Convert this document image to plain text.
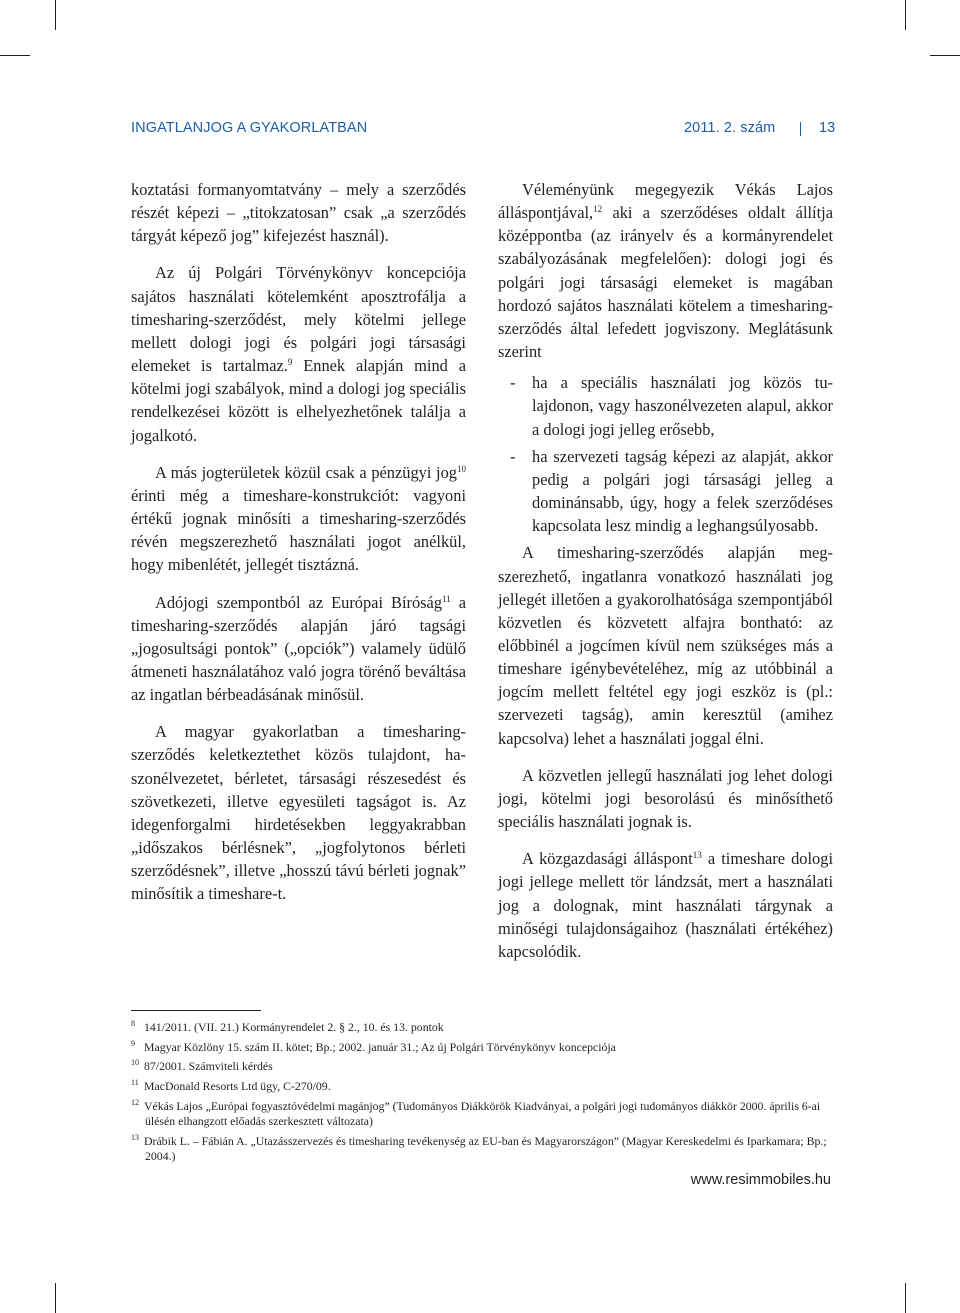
INGATLANJOG A GYAKORLATBAN	2011. 2. szám	13

koztatási formanyomtatvány – mely a szerződés részét képezi – „titokzatosan” csak „a szerződés tárgyát képező jog” kifejezést használ).

Az új Polgári Törvénykönyv koncepciója sajátos használati kötelemként aposztrofálja a timesharing-szerződést, mely kötelmi jellege mellett dologi jogi és polgári jogi társasági elemeket is tartalmaz.$^9$ Ennek alapján mind a kötelmi jogi szabályok, mind a dologi jog speciális rendelkezései között is elhelyezhetőnek találja a jogalkotó.

A más jogterületek közül csak a pénzügyi jog$^{10}$ érinti még a timeshare-konstrukciót: vagyoni értékű jognak minősíti a timesharing-szerződés révén megszerezhető használati jogot anélkül, hogy mibenlétét, jellegét tisztázná.

Adójogi szempontból az Európai Bíróság$^{11}$ a timesharing-szerződés alapján járó tagsági „jogosultsági pontok” („opciók”) valamely üdülő átmeneti használatához való jogra törénő beváltása az ingatlan bérbeadásának minősül.

A magyar gyakorlatban a timesharing-szerződés keletkeztethet közös tulajdont, haszonélvezetet, bérletet, társasági részesedést és szövetkezeti, illetve egyesületi tagságot is. Az idegenforgalmi hirdetésekben leggyakrabban „időszakos bérlésnek”, „jogfolytonos bérleti szerződésnek”, illetve „hosszú távú bérleti jognak” minősítik a timeshare-t.

Véleményünk megegyezik Vékás Lajos álláspontjával,$^{12}$ aki a szerződéses oldalt állítja középpontba (az irányelv és a kormányrendelet szabályozásának megfelelően): dologi jogi és polgári jogi társasági elemeket is magában hordozó sajátos használati kötelem a timesharing-szerződés által lefedett jogviszony. Meglátásunk szerint

- ha a speciális használati jog közös tulajdonon, vagy haszonélvezeten alapul, akkor a dologi jogi jelleg erősebb,
- ha szervezeti tagság képezi az alapját, akkor pedig a polgári jogi társasági jelleg a dominánsabb, úgy, hogy a felek szerződéses kapcsolata lesz mindig a leghangsúlyosabb.

A timesharing-szerződés alapján megszerezhető, ingatlanra vonatkozó használati jog jellegét illetően a gyakorolhatósága szempontjából közvetlen és közvetett alfajra bontható: az előbbinél a jogcímen kívül nem szükséges más a timeshare igénybevételéhez, míg az utóbbinál a jogcím mellett feltétel egy jogi eszköz is (pl.: szervezeti tagság), amin keresztül (amihez kapcsolva) lehet a használati joggal élni.

A közvetlen jellegű használati jog lehet dologi jogi, kötelmi jogi besorolású és minősíthető speciális használati jognak is.

A közgazdasági álláspont$^{13}$ a timeshare dologi jogi jellege mellett tör lándzsát, mert a használati jog a dolognak, mint használati tárgynak a minőségi tulajdonságaihoz (használati értékéhez) kapcsolódik.

$^8$ 141/2011. (VII. 21.) Kormányrendelet 2. § 2., 10. és 13. pontok
$^9$ Magyar Közlöny 15. szám II. kötet; Bp.; 2002. január 31.; Az új Polgári Törvénykönyv koncepciója
$^{10}$ 87/2001. Számviteli kérdés
$^{11}$ MacDonald Resorts Ltd ügy, C-270/09.
$^{12}$ Vékás Lajos „Európai fogyasztóvédelmi magánjog” (Tudományos Diákkörök Kiadványai, a polgári jogi tudományos diákkör 2000. április 6-ai ülésén elhangzott előadás szerkesztett változata)
$^{13}$ Drábik L. – Fábián A. „Utazásszervezés és timesharing tevékenység az EU-ban és Magyarországon” (Magyar Kereskedelmi és Iparkamara; Bp.; 2004.)
www.resimmobiles.hu
